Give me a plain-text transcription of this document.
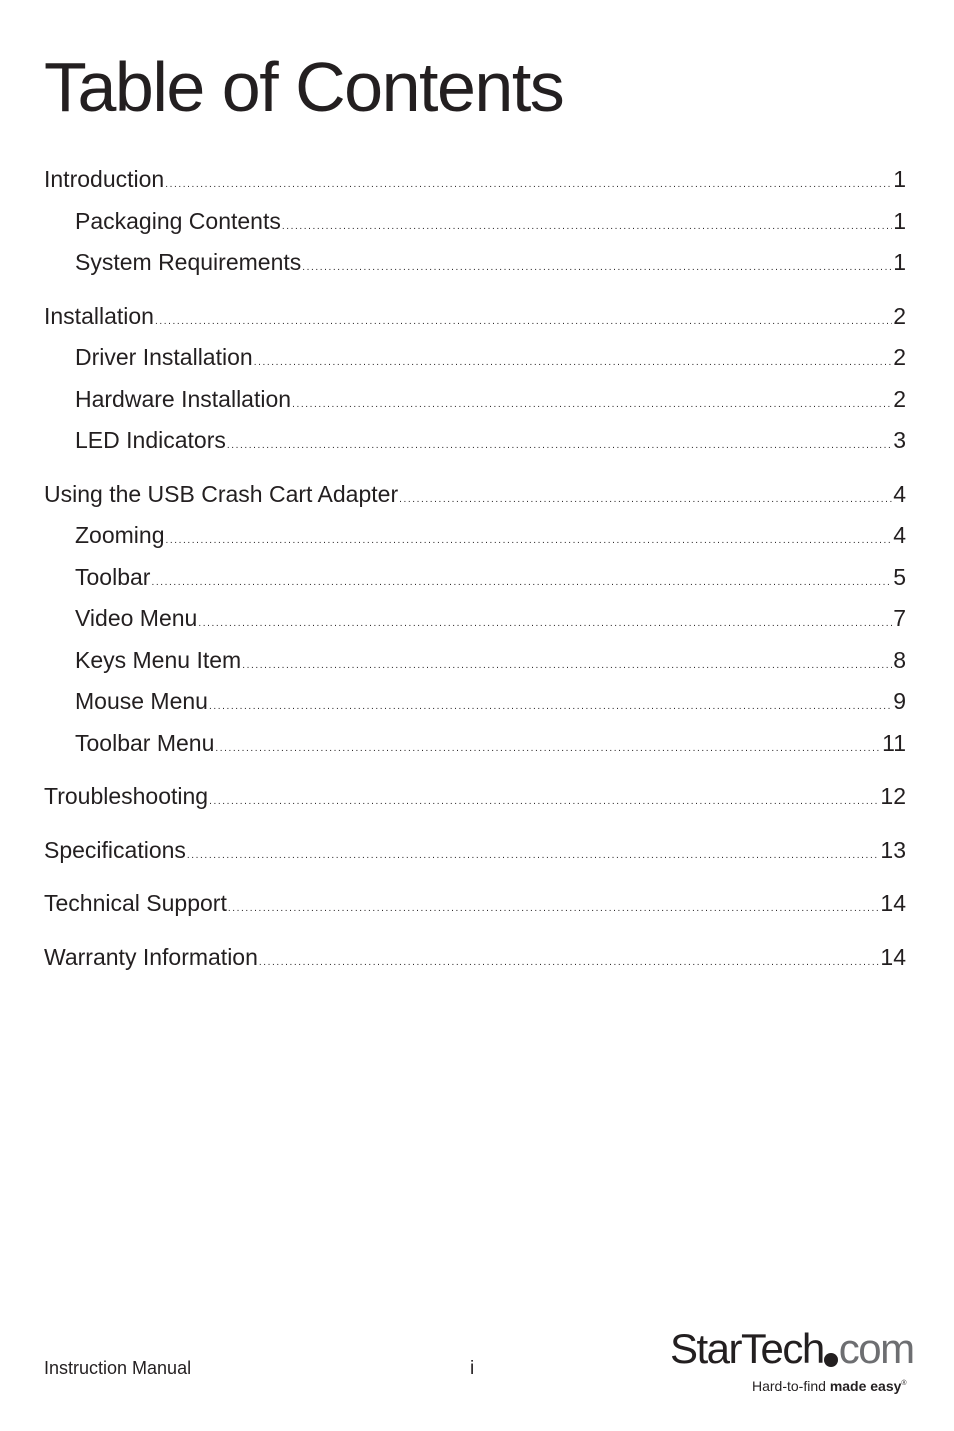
Table of Contents
Introduction .....	1
Packaging Contents .....	1
System Requirements .....	1
Installation .....	2
Driver Installation .....	2
Hardware Installation .....	2
LED Indicators .....	3
Using the USB Crash Cart Adapter .....	4
Zooming .....	4
Toolbar .....	5
Video Menu .....	7
Keys Menu Item .....	8
Mouse Menu .....	9
Toolbar Menu .....	11
Troubleshooting .....	12
Specifications .....	13
Technical Support .....	14
Warranty Information .....	14
Instruction Manual	i	StarTech com
Hard-to-find made easy®
